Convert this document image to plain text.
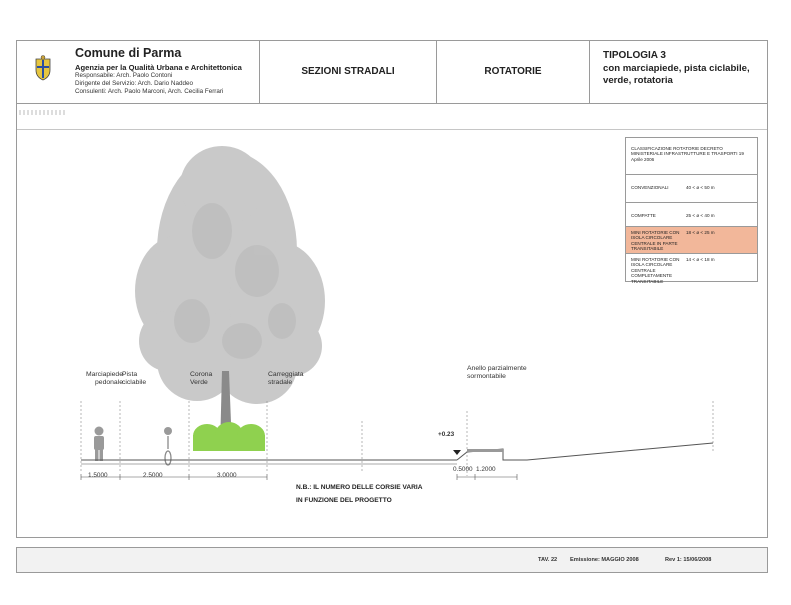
Comune di Parma
Agenzia per la Qualità Urbana e Architettonica
Responsabile: Arch. Paolo Contoni
Dirigente del Servizio: Arch. Dario Naddeo
Consulenti: Arch. Paolo Marconi, Arch. Cecilia Ferrari
SEZIONI STRADALI	ROTATORIE
TIPOLOGIA 3
con marciapiede, pista ciclabile, verde, rotatoria
CLASSIFICAZIONE ROTATORIE DECRETO MINISTERIALE INFRASTRUTTURE E TRASPORTI 19 Aprile 2006
CONVENZIONALI	40 < ø < 50 m
COMPATTE	25 < ø < 40 m
MINI ROTATORIE CON ISOLA CIRCOLARE CENTRALE IN PARTE TRANSITABILE
18 < ø < 25 m
MINI ROTATORIE CON ISOLA CIRCOLARE CENTRALE COMPLETAMENTE TRANSITABILE
14 < ø < 18 m
Marciapiede pedonale
Pista ciclabile
Corona Verde
Carreggiata stradale
Anello parzialmente sormontabile
1.5000	2.5000	3.0000
0.5000 1.2000
+0.23
N.B.: IL NUMERO DELLE CORSIE VARIA
IN FUNZIONE DEL PROGETTO
TAV. 22 Emissione: MAGGIO 2008	Rev 1: 15/06/2008
